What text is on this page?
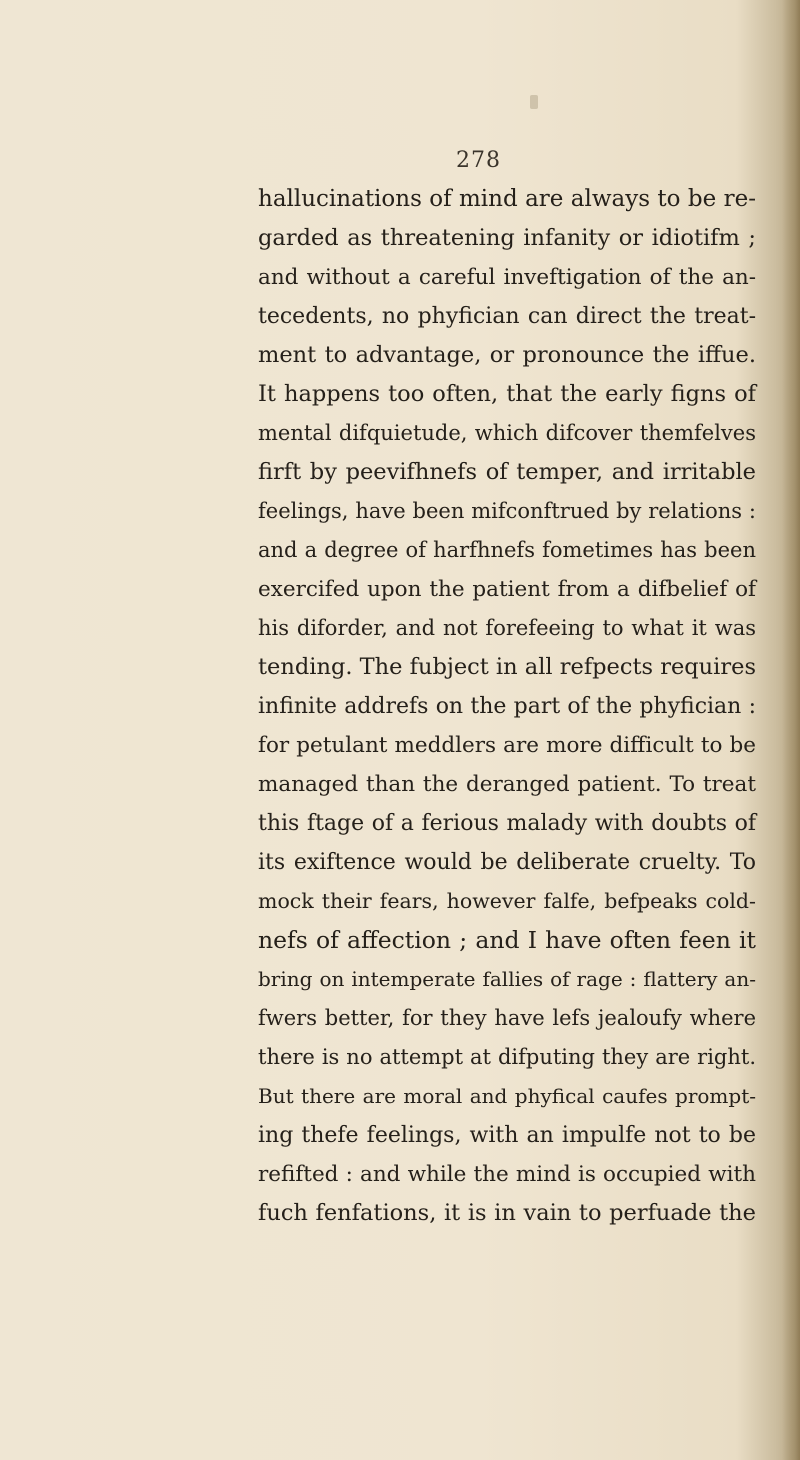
278
hallucinations of mind are always to be re-
garded as threatening infanity or idiotifm ;
and without a careful inveftigation of the an-
tecedents, no phyfician can direct the treat-
ment to advantage, or pronounce the iffue.
It happens too often, that the early figns of
mental difquietude, which difcover themfelves
firft by peevifhnefs of temper, and irritable
feelings, have been mifconftrued by relations :
and a degree of harfhnefs fometimes has been
exercifed upon the patient from a difbelief of
his diforder, and not forefeeing to what it was
tending. The fubject in all refpects requires
infinite addrefs on the part of the phyfician :
for petulant meddlers are more difficult to be
managed than the deranged patient. To treat
this ftage of a ferious malady with doubts of
its exiftence would be deliberate cruelty. To
mock their fears, however falfe, befpeaks cold-
nefs of affection ; and I have often feen it
bring on intemperate fallies of rage : flattery an-
fwers better, for they have lefs jealoufy where
there is no attempt at difputing they are right.
But there are moral and phyfical caufes prompt-
ing thefe feelings, with an impulfe not to be
refifted : and while the mind is occupied with
fuch fenfations, it is in vain to perfuade the
